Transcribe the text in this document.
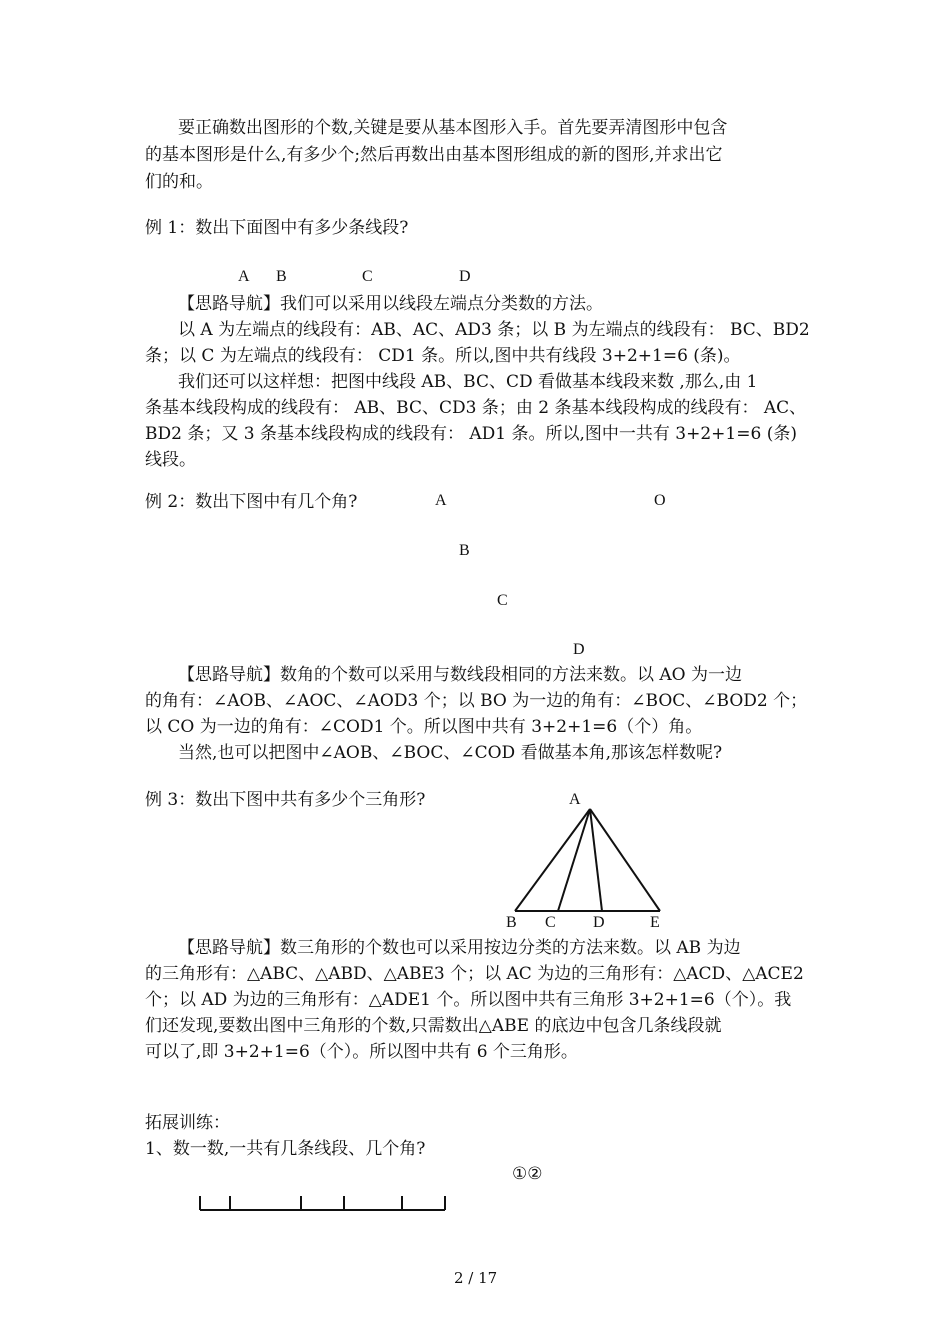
要正确数出图形的个数,关键是要从基本图形入手。首先要弄清图形中包含
的基本图形是什么,有多少个;然后再数出由基本图形组成的新的图形,并求出它
们的和。
例 1：数出下面图中有多少条线段?
A B	C	D
【思路导航】我们可以采用以线段左端点分类数的方法。
以 A 为左端点的线段有：AB、AC、AD3 条；以 B 为左端点的线段有： BC、BD2
条；以 C 为左端点的线段有： CD1 条。所以,图中共有线段 3+2+1=6 (条)。
我们还可以这样想：把图中线段 AB、BC、CD 看做基本线段来数 ,那么,由 1
条基本线段构成的线段有： AB、BC、CD3 条；由 2 条基本线段构成的线段有： AC、
BD2 条；又 3 条基本线段构成的线段有： AD1 条。所以,图中一共有 3+2+1=6 (条)
线段。
例 2：数出下图中有几个角?	A	O
B
C
D
【思路导航】数角的个数可以采用与数线段相同的方法来数。以 AO 为一边
的角有：∠AOB、∠AOC、∠AOD3 个；以 BO 为一边的角有：∠BOC、∠BOD2 个；
以 CO 为一边的角有：∠COD1 个。所以图中共有 3+2+1=6（个）角。
当然,也可以把图中∠AOB、∠BOC、∠COD 看做基本角,那该怎样数呢?
例 3：数出下图中共有多少个三角形?	A
B C D	E
【思路导航】数三角形的个数也可以采用按边分类的方法来数。以 AB 为边
的三角形有：△ABC、△ABD、△ABE3 个；以 AC 为边的三角形有：△ACD、△ACE2
个；以 AD 为边的三角形有：△ADE1 个。所以图中共有三角形 3+2+1=6（个）。我
们还发现,要数出图中三角形的个数,只需数出△ABE 的底边中包含几条线段就
可以了,即 3+2+1=6（个）。所以图中共有 6 个三角形。
拓展训练：
1、数一数,一共有几条线段、几个角?
①②
2 / 17
